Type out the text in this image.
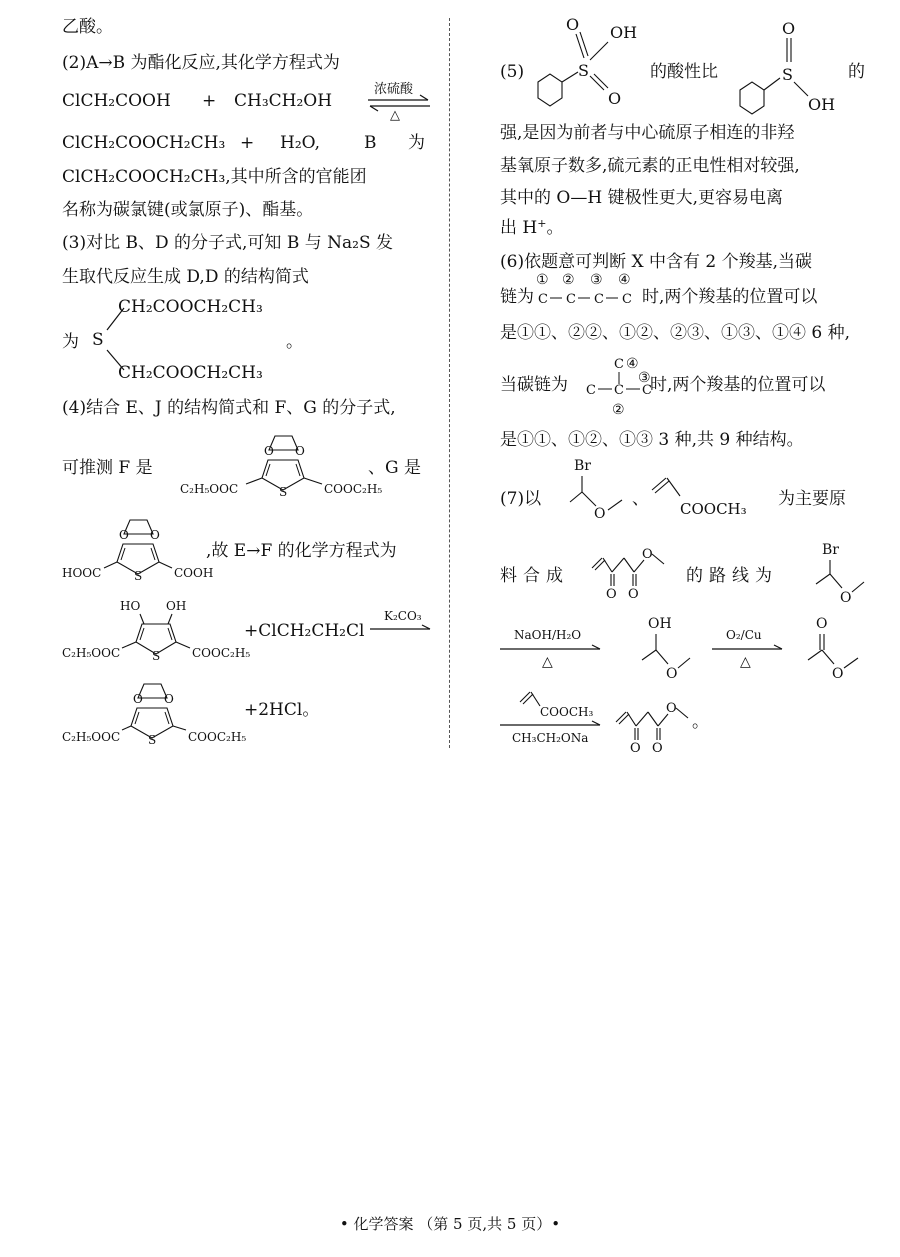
乙酸。
(2)A→B 为酯化反应,其化学方程式为
ClCH₂COOH + CH₃CH₂OH
浓硫酸
△
ClCH₂COOCH₂CH₃ + H₂O,	B 为
ClCH₂COOCH₂CH₃,其中所含的官能团
名称为碳氯键(或氯原子)、酯基。
(3)对比 B、D 的分子式,可知 B 与 Na₂S 发
生取代反应生成 D,D 的结构简式
为 S
CH₂COOCH₂CH₃
CH₂COOCH₂CH₃
。
(4)结合 E、J 的结构简式和 F、G 的分子式,
可推测 F 是
O O
S
C₂H₅OOC	COOC₂H₅
、G 是
O O
S
HOOC	COOH
,故 E→F 的化学方程式为
HO OH
S
C₂H₅OOC	COOC₂H₅
+ClCH₂CH₂Cl
K₂CO₃
O O
S
C₂H₅OOC	COOC₂H₅
+2HCl。
(5)	S
O OH
O
的酸性比	S
O
OH
的
强,是因为前者与中心硫原子相连的非羟
基氧原子数多,硫元素的正电性相对较强,
其中的 O—H 键极性更大,更容易电离
出 H+。
(6)依题意可判断 X 中含有 2 个羧基,当碳
链为
① ② ③ ④
C C C C 时,两个羧基的位置可以
是①①、②②、①②、②③、①③、①④ 6 种,
当碳链为
C ④
③
C C C
②
时,两个羧基的位置可以
是①①、①②、①③ 3 种,共 9 种结构。
(7)以
Br
O
、 COOCH₃ 为主要原
料合成
O O
O
的路线为
Br
O
NaOH/H₂O
△
OH
O
O₂/Cu
△
O
O
COOCH₃
CH₃CH₂ONa
O O
O
。
• 化学答案 （第 5 页,共 5 页）•
